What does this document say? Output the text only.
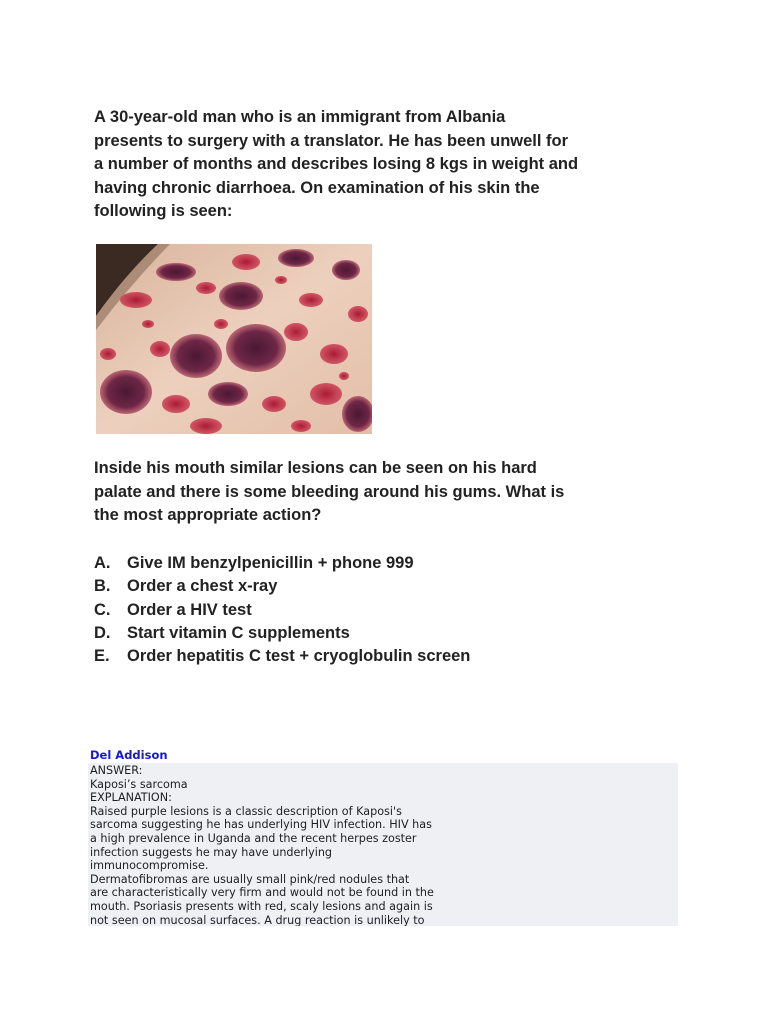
A 30-year-old man who is an immigrant from Albania
presents to surgery with a translator. He has been unwell for
a number of months and describes losing 8 kgs in weight and
having chronic diarrhoea. On examination of his skin the
following is seen:
Inside his mouth similar lesions can be seen on his hard
palate and there is some bleeding around his gums. What is
the most appropriate action?
A.	Give IM benzylpenicillin + phone 999
B.	Order a chest x-ray
C.	Order a HIV test
D.	Start vitamin C supplements
E.	Order hepatitis C test + cryoglobulin screen
Del Addison
ANSWER:
Kaposi’s sarcoma
EXPLANATION:
Raised purple lesions is a classic description of Kaposi's
sarcoma suggesting he has underlying HIV infection. HIV has
a high prevalence in Uganda and the recent herpes zoster
infection suggests he may have underlying
immunocompromise.
Dermatofibromas are usually small pink/red nodules that
are characteristically very firm and would not be found in the
mouth. Psoriasis presents with red, scaly lesions and again is
not seen on mucosal surfaces. A drug reaction is unlikely to
